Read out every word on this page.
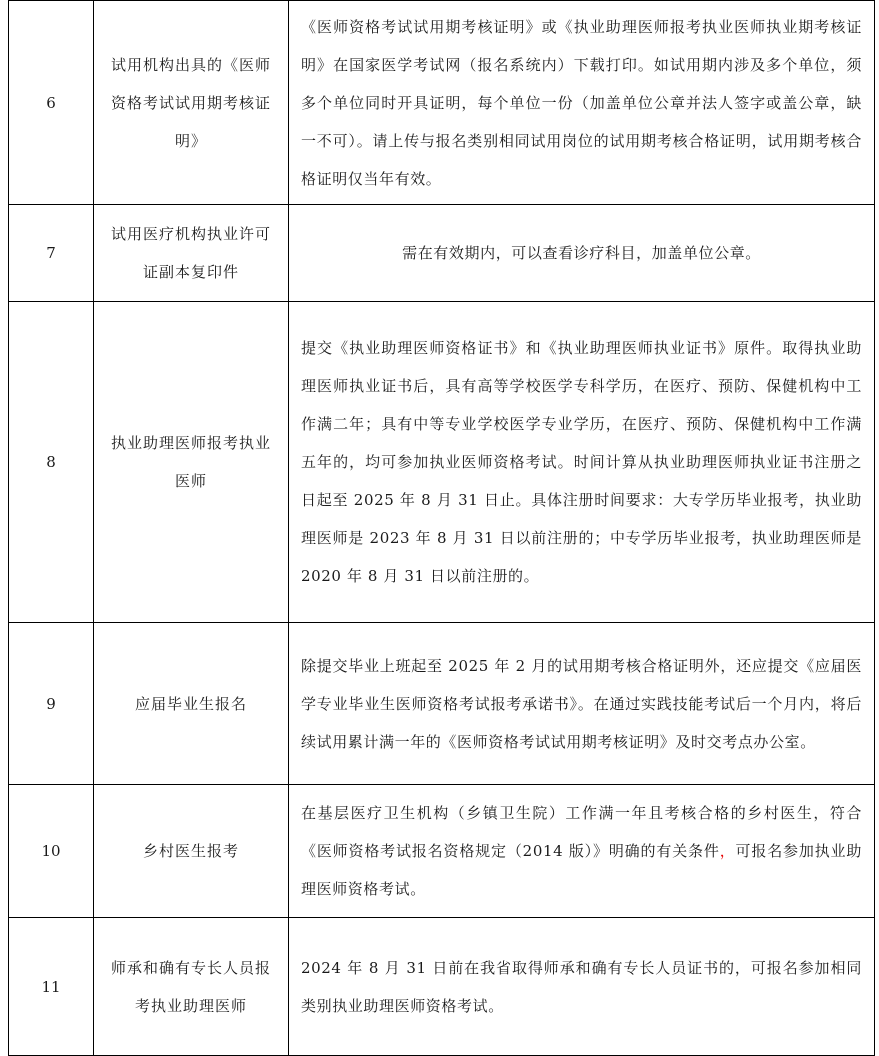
6	试用机构出具的《医师资格考试试用期考核证明》	《医师资格考试试用期考核证明》或《执业助理医师报考执业医师执业期考核证明》在国家医学考试网（报名系统内）下载打印。如试用期内涉及多个单位，须多个单位同时开具证明，每个单位一份（加盖单位公章并法人签字或盖公章，缺一不可）。请上传与报名类别相同试用岗位的试用期考核合格证明，试用期考核合格证明仅当年有效。
7	试用医疗机构执业许可证副本复印件	需在有效期内，可以查看诊疗科目，加盖单位公章。
8	执业助理医师报考执业医师	提交《执业助理医师资格证书》和《执业助理医师执业证书》原件。取得执业助理医师执业证书后，具有高等学校医学专科学历，在医疗、预防、保健机构中工作满二年；具有中等专业学校医学专业学历，在医疗、预防、保健机构中工作满五年的，均可参加执业医师资格考试。时间计算从执业助理医师执业证书注册之日起至 2025 年 8 月 31 日止。具体注册时间要求：大专学历毕业报考，执业助理医师是 2023 年 8 月 31 日以前注册的；中专学历毕业报考，执业助理医师是 2020 年 8 月 31 日以前注册的。
9	应届毕业生报名	除提交毕业上班起至 2025 年 2 月的试用期考核合格证明外，还应提交《应届医学专业毕业生医师资格考试报考承诺书》。在通过实践技能考试后一个月内，将后续试用累计满一年的《医师资格考试试用期考核证明》及时交考点办公室。
10	乡村医生报考	在基层医疗卫生机构（乡镇卫生院）工作满一年且考核合格的乡村医生，符合《医师资格考试报名资格规定（2014 版）》明确的有关条件，可报名参加执业助理医师资格考试。
11	师承和确有专长人员报考执业助理医师	2024 年 8 月 31 日前在我省取得师承和确有专长人员证书的，可报名参加相同类别执业助理医师资格考试。
